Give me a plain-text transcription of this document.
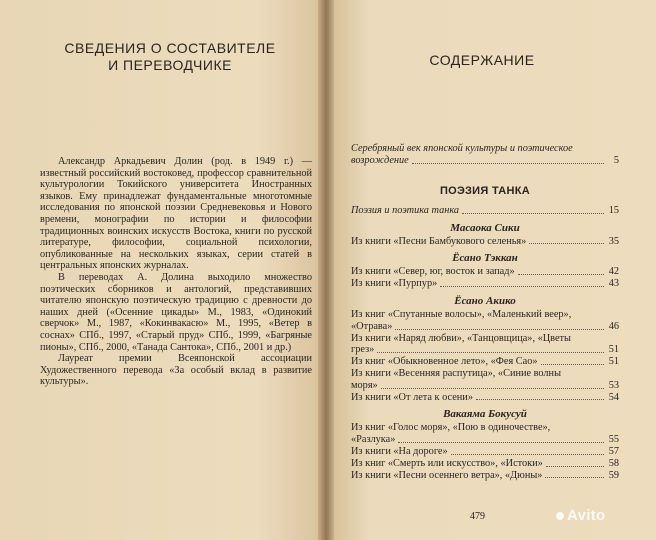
СВЕДЕНИЯ О СОСТАВИТЕЛЕ
И ПЕРЕВОДЧИКЕ

Александр Аркадьевич Долин (род. в 1949 г.) — известный российский востоковед, профессор сравнительной культурологии Токийского университета Иностранных языков. Ему принадлежат фундаментальные многотомные исследования по японской поэзии Средневековья и Нового времени, монографии по истории и философии традиционных воинских искусств Востока, книги по русской литературе, философии, социальной психологии, опубликованные на нескольких языках, серии статей в центральных японских журналах.

В переводах А. Долина выходило множество поэтических сборников и антологий, представивших читателю японскую поэтическую традицию с древности до наших дней («Осенние цикады» М., 1983, «Одинокий сверчок» М., 1987, «Кокинвакасю» М., 1995, «Ветер в соснах» СПб., 1997, «Старый пруд» СПб., 1999, «Багряные пионы», СПб., 2000, «Танада Сантока», СПб., 2001 и др.)

Лауреат премии Всеяпонской ассоциации Художественного перевода «За особый вклад в развитие культуры».

СОДЕРЖАНИЕ
Серебряный век японской культуры и поэтическое
возрождение	5
ПОЭЗИЯ ТАНКА
Поэзия и поэтика танка	15
Масаока Сики
Из книги «Песни Бамбукового селенья»	35
Ёсано Тэккан
Из книги «Север, юг, восток и запад»	42
Из книги «Пурпур»	43
Ёсано Акико
Из книг «Спутанные волосы», «Маленький веер»,
«Отрава»	46
Из книги «Наряд любви», «Танцовщица», «Цветы
грез»	51
Из книг «Обыкновенное лето», «Фея Сао»	51
Из книги «Весенняя распутица», «Синие волны
моря»	53
Из книги «От лета к осени»	54
Вакаяма Бокусуй
Из книг «Голос моря», «Пою в одиночестве»,
«Разлука»	55
Из книги «На дороге»	57
Из книг «Смерть или искусство», «Истоки»	58
Из книги «Песни осеннего ветра», «Дюны»	59
479	Avito
